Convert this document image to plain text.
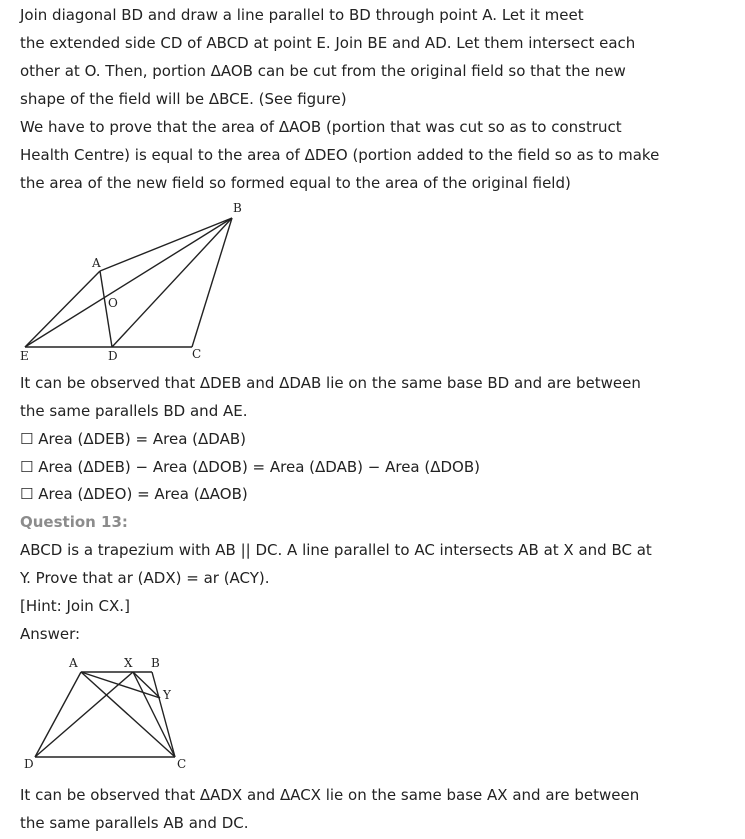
Join diagonal BD and draw a line parallel to BD through point A. Let it meet
the extended side CD of ABCD at point E. Join BE and AD. Let them intersect each
other at O. Then, portion ΔAOB can be cut from the original field so that the new
shape of the field will be ΔBCE. (See figure)
We have to prove that the area of ΔAOB (portion that was cut so as to construct
Health Centre) is equal to the area of ΔDEO (portion added to the field so as to make
the area of the new field so formed equal to the area of the original field)
B
A
O
E	D	C
It can be observed that ΔDEB and ΔDAB lie on the same base BD and are between
the same parallels BD and AE.
☐ Area (ΔDEB) = Area (ΔDAB)
☐ Area (ΔDEB) − Area (ΔDOB) = Area (ΔDAB) − Area (ΔDOB)
☐ Area (ΔDEO) = Area (ΔAOB)
Question 13:
ABCD is a trapezium with AB || DC. A line parallel to AC intersects AB at X and BC at
Y. Prove that ar (ADX) = ar (ACY).
[Hint: Join CX.]
Answer:
A	X B
Y
D	C
It can be observed that ΔADX and ΔACX lie on the same base AX and are between
the same parallels AB and DC.
